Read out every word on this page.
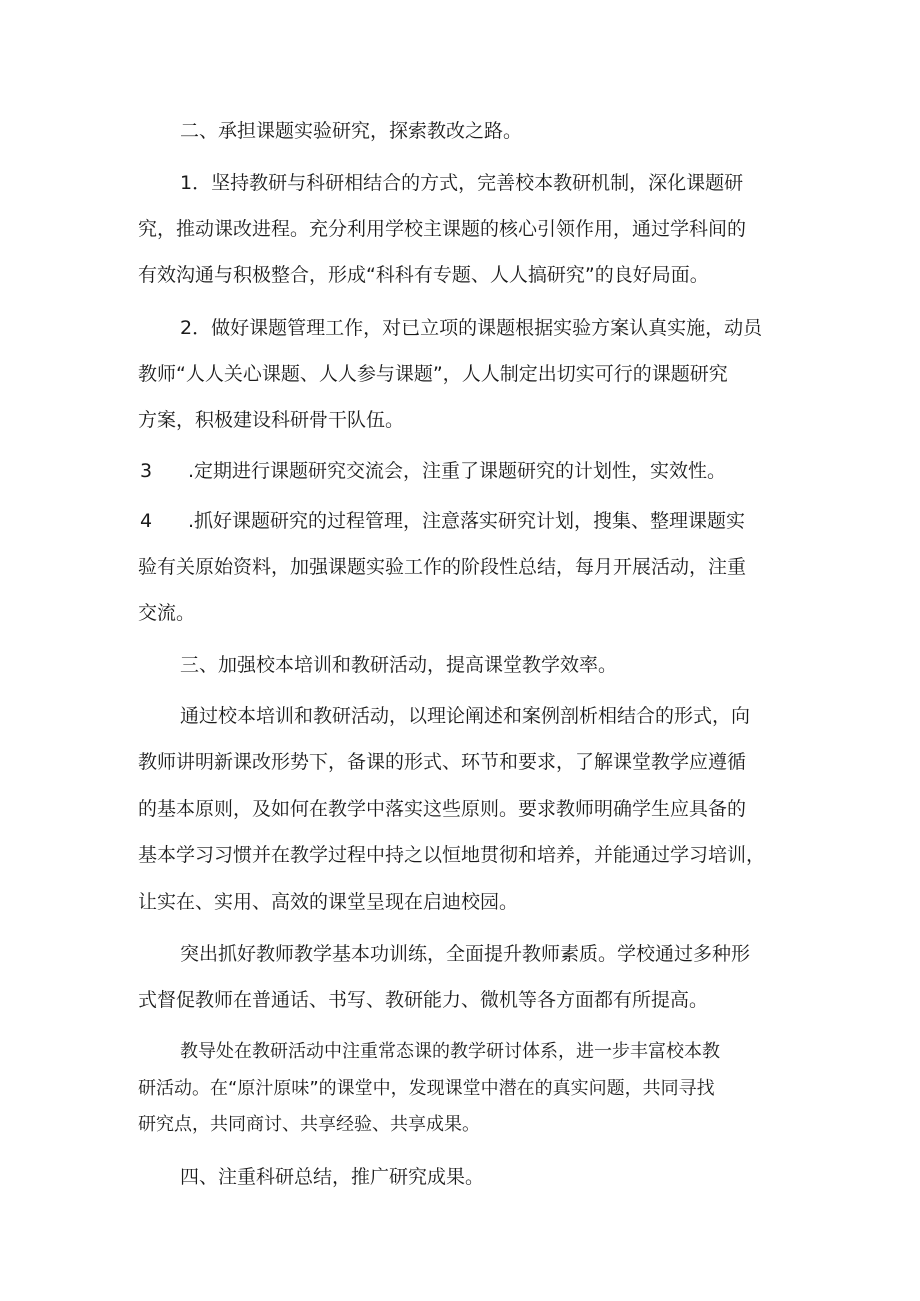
二、承担课题实验研究，探索教改之路。
1．坚持教研与科研相结合的方式，完善校本教研机制，深化课题研
究，推动课改进程。充分利用学校主课题的核心引领作用，通过学科间的
有效沟通与积极整合，形成“科科有专题、人人搞研究”的良好局面。
2．做好课题管理工作，对已立项的课题根据实验方案认真实施，动员
教师“人人关心课题、人人参与课题”，人人制定出切实可行的课题研究
方案，积极建设科研骨干队伍。
3 .定期进行课题研究交流会，注重了课题研究的计划性，实效性。
4 .抓好课题研究的过程管理，注意落实研究计划，搜集、整理课题实
验有关原始资料，加强课题实验工作的阶段性总结，每月开展活动，注重
交流。
三、加强校本培训和教研活动，提高课堂教学效率。
通过校本培训和教研活动，以理论阐述和案例剖析相结合的形式，向
教师讲明新课改形势下，备课的形式、环节和要求，了解课堂教学应遵循
的基本原则，及如何在教学中落实这些原则。要求教师明确学生应具备的
基本学习习惯并在教学过程中持之以恒地贯彻和培养，并能通过学习培训，
让实在、实用、高效的课堂呈现在启迪校园。
突出抓好教师教学基本功训练，全面提升教师素质。学校通过多种形
式督促教师在普通话、书写、教研能力、微机等各方面都有所提高。
教导处在教研活动中注重常态课的教学研讨体系，进一步丰富校本教
研活动。在“原汁原味”的课堂中，发现课堂中潜在的真实问题，共同寻找
研究点，共同商讨、共享经验、共享成果。
四、注重科研总结，推广研究成果。
